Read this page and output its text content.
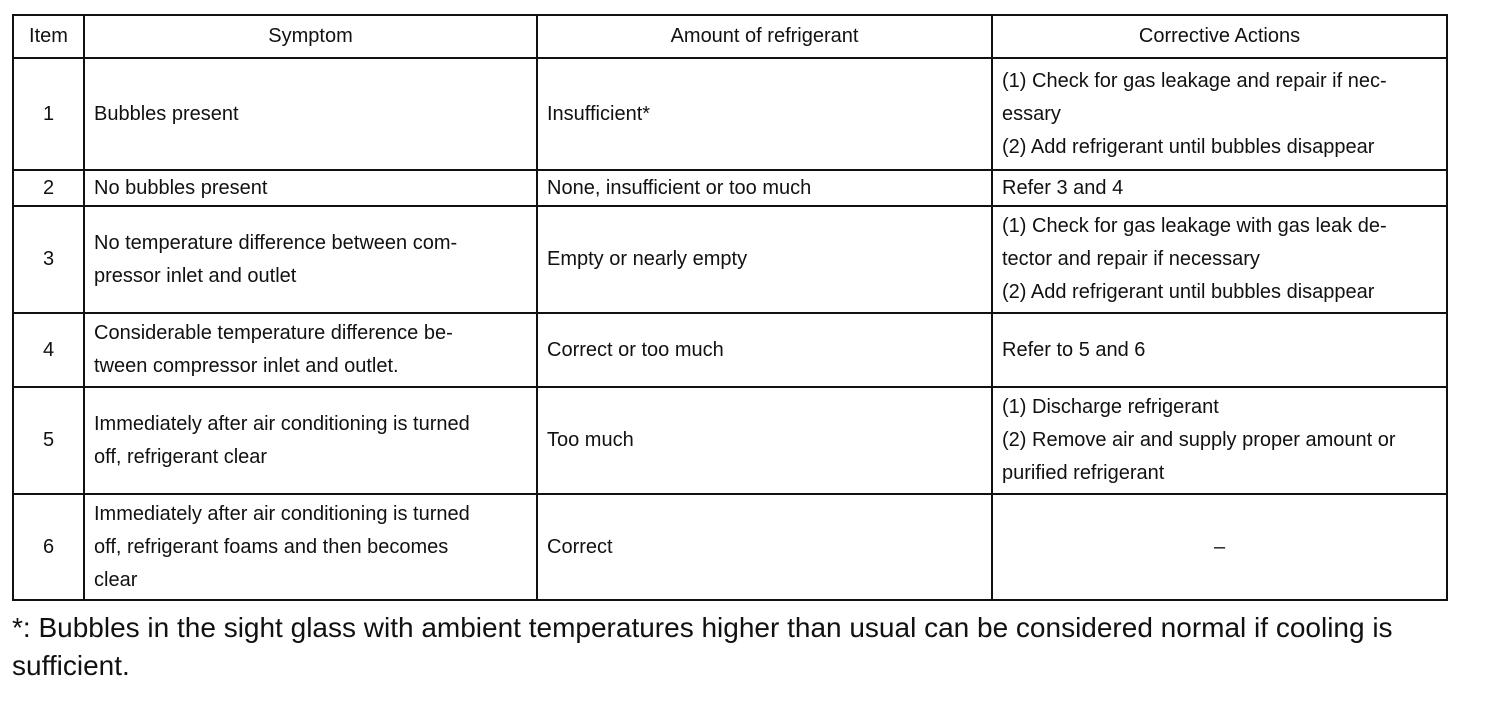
Item	Symptom	Amount of refrigerant	Corrective Actions
1	Bubbles present	Insufficient*	(1) Check for gas leakage and repair if nec-
essary
(2) Add refrigerant until bubbles disappear

2	No bubbles present	None, insufficient or too much	Refer 3 and 4

3	No temperature difference between com-
pressor inlet and outlet	Empty or nearly empty	(1) Check for gas leakage with gas leak de-
tector and repair if necessary
(2) Add refrigerant until bubbles disappear

4	Considerable temperature difference be-
tween compressor inlet and outlet.	Correct or too much	Refer to 5 and 6

5	Immediately after air conditioning is turned
off, refrigerant clear	Too much	(1) Discharge refrigerant
(2) Remove air and supply proper amount or
purified refrigerant

6	Immediately after air conditioning is turned
off, refrigerant foams and then becomes
clear	Correct	–
*: Bubbles in the sight glass with ambient temperatures higher than usual can be considered normal if cooling is sufficient.
